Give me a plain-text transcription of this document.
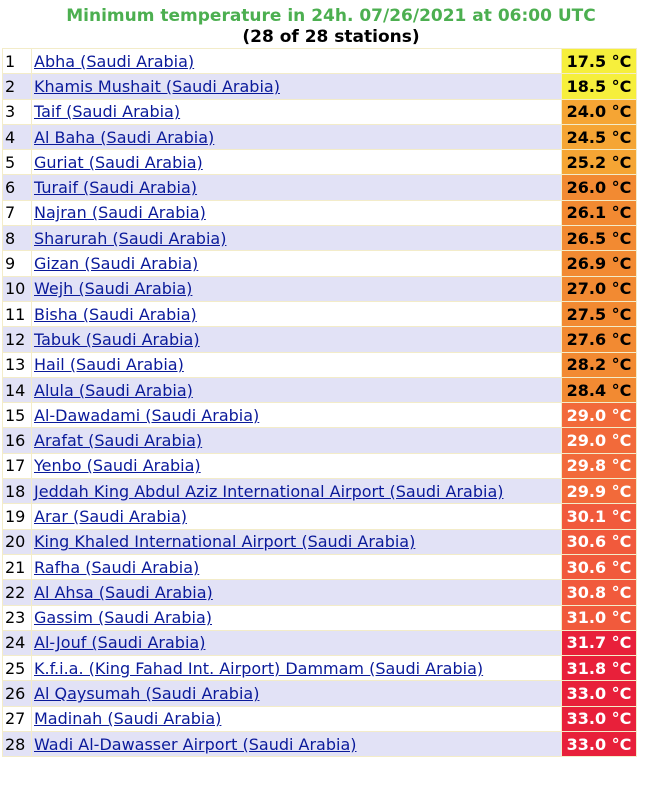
Minimum temperature in 24h. 07/26/2021 at 06:00 UTC
(28 of 28 stations)
1	Abha (Saudi Arabia)	17.5 °C
2	Khamis Mushait (Saudi Arabia)	18.5 °C
3	Taif (Saudi Arabia)	24.0 °C
4	Al Baha (Saudi Arabia)	24.5 °C
5	Guriat (Saudi Arabia)	25.2 °C
6	Turaif (Saudi Arabia)	26.0 °C
7	Najran (Saudi Arabia)	26.1 °C
8	Sharurah (Saudi Arabia)	26.5 °C
9	Gizan (Saudi Arabia)	26.9 °C
10	Wejh (Saudi Arabia)	27.0 °C
11	Bisha (Saudi Arabia)	27.5 °C
12	Tabuk (Saudi Arabia)	27.6 °C
13	Hail (Saudi Arabia)	28.2 °C
14	Alula (Saudi Arabia)	28.4 °C
15	Al-Dawadami (Saudi Arabia)	29.0 °C
16	Arafat (Saudi Arabia)	29.0 °C
17	Yenbo (Saudi Arabia)	29.8 °C
18	Jeddah King Abdul Aziz International Airport (Saudi Arabia)	29.9 °C
19	Arar (Saudi Arabia)	30.1 °C
20	King Khaled International Airport (Saudi Arabia)	30.6 °C
21	Rafha (Saudi Arabia)	30.6 °C
22	Al Ahsa (Saudi Arabia)	30.8 °C
23	Gassim (Saudi Arabia)	31.0 °C
24	Al-Jouf (Saudi Arabia)	31.7 °C
25	K.f.i.a. (King Fahad Int. Airport) Dammam (Saudi Arabia)	31.8 °C
26	Al Qaysumah (Saudi Arabia)	33.0 °C
27	Madinah (Saudi Arabia)	33.0 °C
28	Wadi Al-Dawasser Airport (Saudi Arabia)	33.0 °C
